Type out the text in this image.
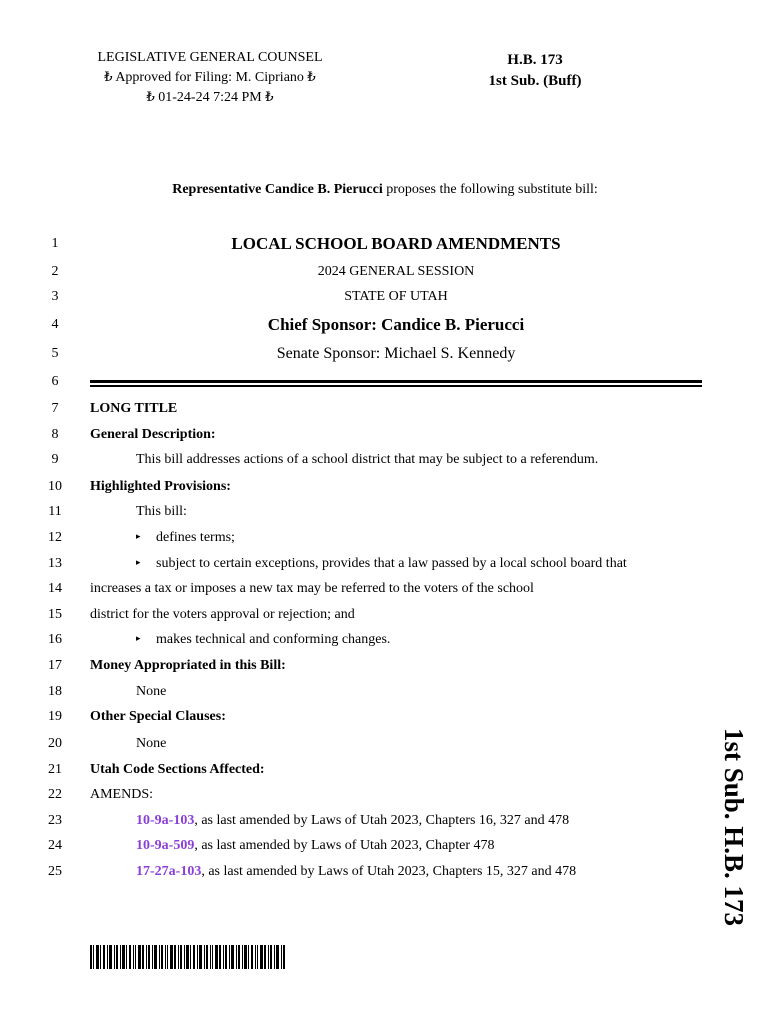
LEGISLATIVE GENERAL COUNSEL
₺ Approved for Filing: M. Cipriano ₺
₺ 01-24-24 7:24 PM ₺
H.B. 173
1st Sub. (Buff)
Representative Candice B. Pierucci proposes the following substitute bill:
1
2
3
4
5
6
7
8
9
10
11
12
13
14
15
16
17
18
19
20
21
22
23
24
25
LOCAL SCHOOL BOARD AMENDMENTS
2024 GENERAL SESSION
STATE OF UTAH
Chief Sponsor: Candice B. Pierucci
Senate Sponsor: Michael S. Kennedy
LONG TITLE
General Description:
This bill addresses actions of a school district that may be subject to a referendum.
Highlighted Provisions:
This bill:
▸ defines terms;
▸ subject to certain exceptions, provides that a law passed by a local school board that
increases a tax or imposes a new tax may be referred to the voters of the school
district for the voters approval or rejection; and
▸ makes technical and conforming changes.
Money Appropriated in this Bill:
None
Other Special Clauses:
None
Utah Code Sections Affected:
AMENDS:
10-9a-103, as last amended by Laws of Utah 2023, Chapters 16, 327 and 478
10-9a-509, as last amended by Laws of Utah 2023, Chapter 478
17-27a-103, as last amended by Laws of Utah 2023, Chapters 15, 327 and 478	1st Sub. H.B. 173
